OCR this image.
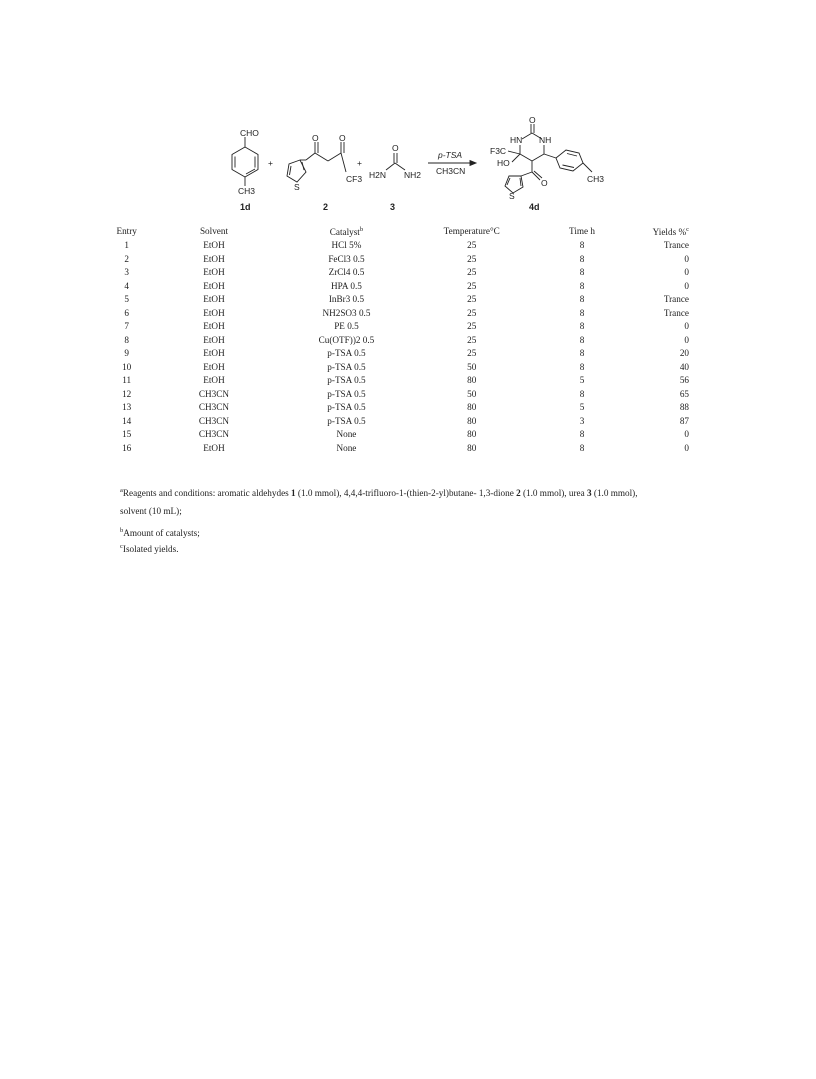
CHO
CH3
+
O O
S
CF3
+
O
H2N NH2
p-TSA
CH3CN
O
HN NH
F3C
HO
O
S
CH3
1d	2	3	4d
Entry	Solvent	Catalyst$^b$	Temperature°C	Time h	Yields %$^c$
1	EtOH	HCl 5%	25	8	Trance
2	EtOH	FeCl3 0.5	25	8	0
3	EtOH	ZrCl4 0.5	25	8	0
4	EtOH	HPA 0.5	25	8	0
5	EtOH	InBr3 0.5	25	8	Trance
6	EtOH	NH2SO3 0.5	25	8	Trance
7	EtOH	PE 0.5	25	8	0
8	EtOH	Cu(OTF))2 0.5	25	8	0
9	EtOH	p-TSA 0.5	25	8	20
10	EtOH	p-TSA 0.5	50	8	40
11	EtOH	p-TSA 0.5	80	5	56
12	CH3CN	p-TSA 0.5	50	8	65
13	CH3CN	p-TSA 0.5	80	5	88
14	CH3CN	p-TSA 0.5	80	3	87
15	CH3CN	None	80	8	0
16	EtOH	None	80	8	0

$^a$Reagents and conditions: aromatic aldehydes 1 (1.0 mmol), 4,4,4-trifluoro-1-(thien-2-yl)butane- 1,3-dione 2 (1.0 mmol), urea 3 (1.0 mmol),

solvent (10 mL);

$^b$Amount of catalysts;

$^c$Isolated yields.
